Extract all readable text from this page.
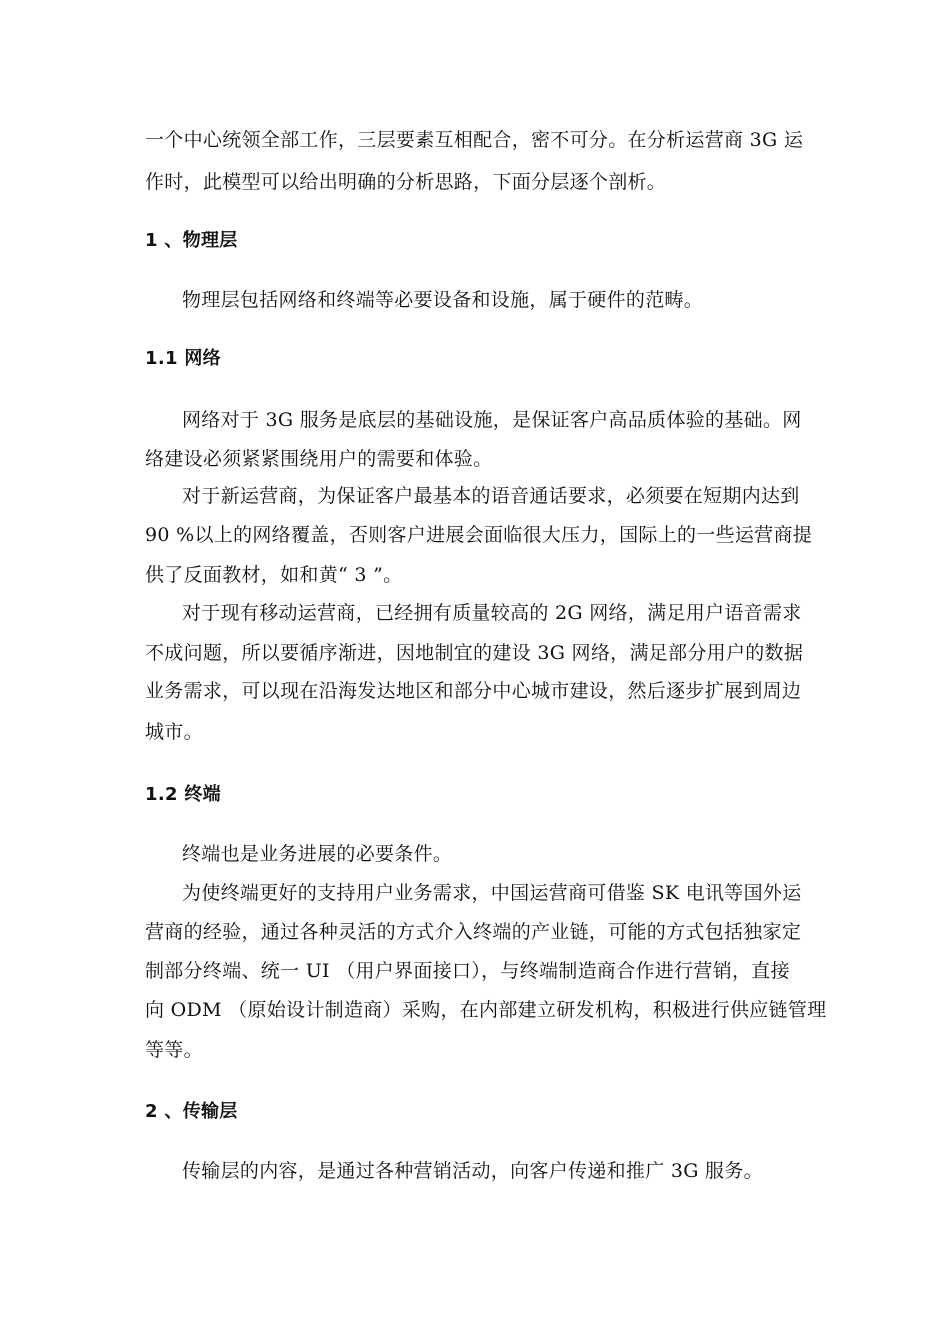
一个中心统领全部工作，三层要素互相配合，密不可分。在分析运营商 3G 运

作时，此模型可以给出明确的分析思路，下面分层逐个剖析。

1 、物理层

物理层包括网络和终端等必要设备和设施，属于硬件的范畴。

1.1 网络

网络对于 3G 服务是底层的基础设施，是保证客户高品质体验的基础。网

络建设必须紧紧围绕用户的需要和体验。

对于新运营商，为保证客户最基本的语音通话要求，必须要在短期内达到

90 %以上的网络覆盖，否则客户进展会面临很大压力，国际上的一些运营商提

供了反面教材，如和黄“ 3 ”。

对于现有移动运营商，已经拥有质量较高的 2G 网络，满足用户语音需求

不成问题，所以要循序渐进，因地制宜的建设 3G 网络，满足部分用户的数据

业务需求，可以现在沿海发达地区和部分中心城市建设，然后逐步扩展到周边

城市。

1.2 终端

终端也是业务进展的必要条件。

为使终端更好的支持用户业务需求，中国运营商可借鉴 SK 电讯等国外运

营商的经验，通过各种灵活的方式介入终端的产业链，可能的方式包括独家定

制部分终端、统一 UI （用户界面接口），与终端制造商合作进行营销，直接

向 ODM （原始设计制造商）采购，在内部建立研发机构，积极进行供应链管理

等等。

2 、传输层

传输层的内容，是通过各种营销活动，向客户传递和推广 3G 服务。
